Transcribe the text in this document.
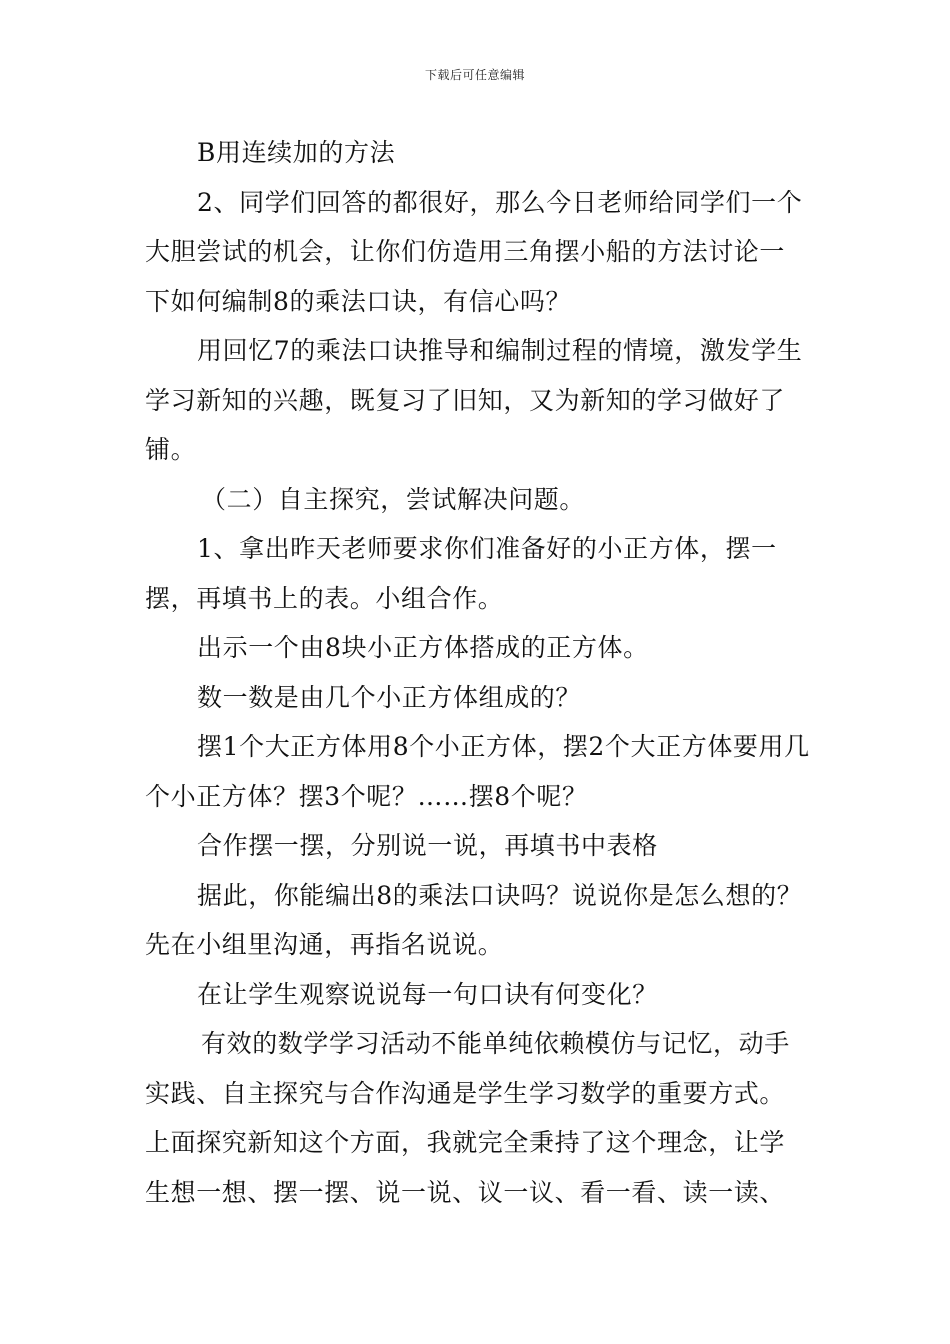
下载后可任意编辑

B用连续加的方法

2、同学们回答的都很好，那么今日老师给同学们一个大胆尝试的机会，让你们仿造用三角摆小船的方法讨论一下如何编制8的乘法口诀，有信心吗？

用回忆7的乘法口诀推导和编制过程的情境，激发学生学习新知的兴趣，既复习了旧知，又为新知的学习做好了铺。

（二）自主探究，尝试解决问题。

1、拿出昨天老师要求你们准备好的小正方体，摆一摆，再填书上的表。小组合作。

出示一个由8块小正方体搭成的正方体。

数一数是由几个小正方体组成的？

摆1个大正方体用8个小正方体，摆2个大正方体要用几个小正方体？摆3个呢？……摆8个呢？

合作摆一摆，分别说一说，再填书中表格

据此，你能编出8的乘法口诀吗？说说你是怎么想的？先在小组里沟通，再指名说说。

在让学生观察说说每一句口诀有何变化？

有效的数学学习活动不能单纯依赖模仿与记忆，动手实践、自主探究与合作沟通是学生学习数学的重要方式。上面探究新知这个方面，我就完全秉持了这个理念，让学生想一想、摆一摆、说一说、议一议、看一看、读一读、
